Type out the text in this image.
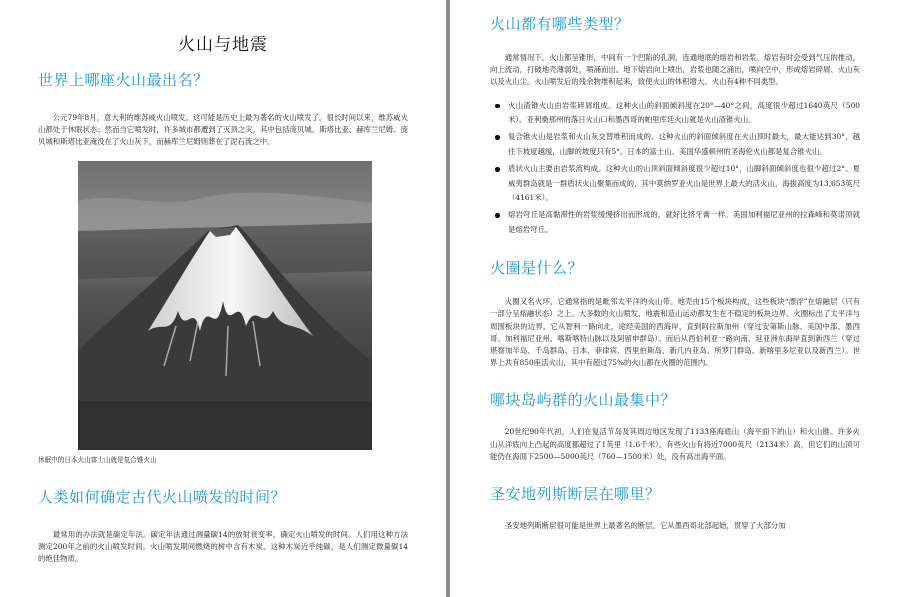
火山与地震
世界上哪座火山最出名？

公元79年8月，意大利的维苏威火山喷发。这可能是历史上最为著名的火山喷发了。很长时间以来，维苏威火山都处于休眠状态；然而当它喷发时，许多城市都遭到了灭顶之灾，其中包括庞贝城、斯塔比亚、赫库兰尼姆。庞贝城和斯塔比亚淹没在了火山灰下，而赫库兰尼姆则葬在了泥石流之中。

休眠中的日本火山富士山就是复合锥火山

人类如何确定古代火山喷发的时间？

最常用的办法就是碳定年法。碳定年法通过测量碳14的放射衰变率，确定火山喷发的时间。人们用这种方法测定200年之前的火山喷发时间。火山喷发期间燃烧的树中含有木炭，这种木炭近乎纯碳，是人们测定微量碳14的绝佳物质。

火山都有哪些类型？

通常情况下，火山都呈锥形，中间有一个凹陷的孔洞，连通地底的熔岩和岩浆。熔岩有时会受到气压的推动，向上流动，打破地壳薄弱处，喷涌而出。地下熔岩向上喷出，岩浆也随之涌出，喷向空中，形成熔岩碎屑、火山灰以及火山尘。火山喷发后的残余物堆积起来，致使火山的体积增大。火山有4种不同类型。

火山渣锥火山由岩浆碎屑组成。这种火山的斜面倾斜度在20°—40°之间，高度很少超过1640英尺（500米）。亚利桑那州的落日火山口和墨西哥的帕里库廷火山就是火山渣锥火山。
复合锥火山是岩浆和火山灰交替堆积而成的。这种火山的斜面倾斜度在火山顶时最大，最大能达到30°，越往下坡度越缓，山脚的坡度只有5°。日本的富士山、美国华盛顿州的圣海伦火山都是复合锥火山。
盾状火山主要由岩浆流构成。这种火山的山顶斜面倾斜度很少超过10°，山脚斜面倾斜度也很少超过2°。夏威夷群岛就是一群盾状火山聚集而成的，其中莫纳罗亚火山是世界上最大的活火山，海拔高度为13,653英尺（4161米）。
熔岩穹丘是高黏滞性的岩浆缓慢挤出而形成的，就好比挤牙膏一样。美国加利福尼亚州的拉森峰和莫诺顶就是熔岩穹丘。
火圈是什么？

火圈又名火环，它通常指的是毗邻太平洋的火山带。地壳由15个板块构成，这些板块“漂浮”在熔融层（只有一部分呈熔融状态）之上。大多数的火山喷发、地震和造山运动都发生在不稳定的板块边界。火圈标出了太平洋与周围板块的边界，它从智利一路向北，途经美国的西海岸，直到阿拉斯加州（穿过安第斯山脉、美国中部、墨西哥、加利福尼亚州、喀斯喀特山脉以及阿留申群岛）。而后从西伯利亚一路向南，延亚洲东海岸直到新西兰（穿过堪察加半岛、千岛群岛、日本、菲律宾、西里伯斯岛、新几内亚岛、所罗门群岛、新喀里多尼亚以及新西兰）。世界上共有850座活火山，其中有超过75%的火山都在火圈的范围内。

哪块岛屿群的火山最集中？

20世纪90年代初，人们在复活节岛及其周边地区发现了1133座海底山（海平面下的山）和火山锥。许多火山从洋底向上凸起的高度都超过了1英里（1.6千米）。有些火山有将近7000英尺（2134米）高，但它们的山顶可能仍在海面下2500—5000英尺（760—1500米）处，没有高出海平面。

圣安地列斯断层在哪里？

圣安地列斯断层很可能是世界上最著名的断层，它从墨西哥北部起始，贯穿了大部分加
